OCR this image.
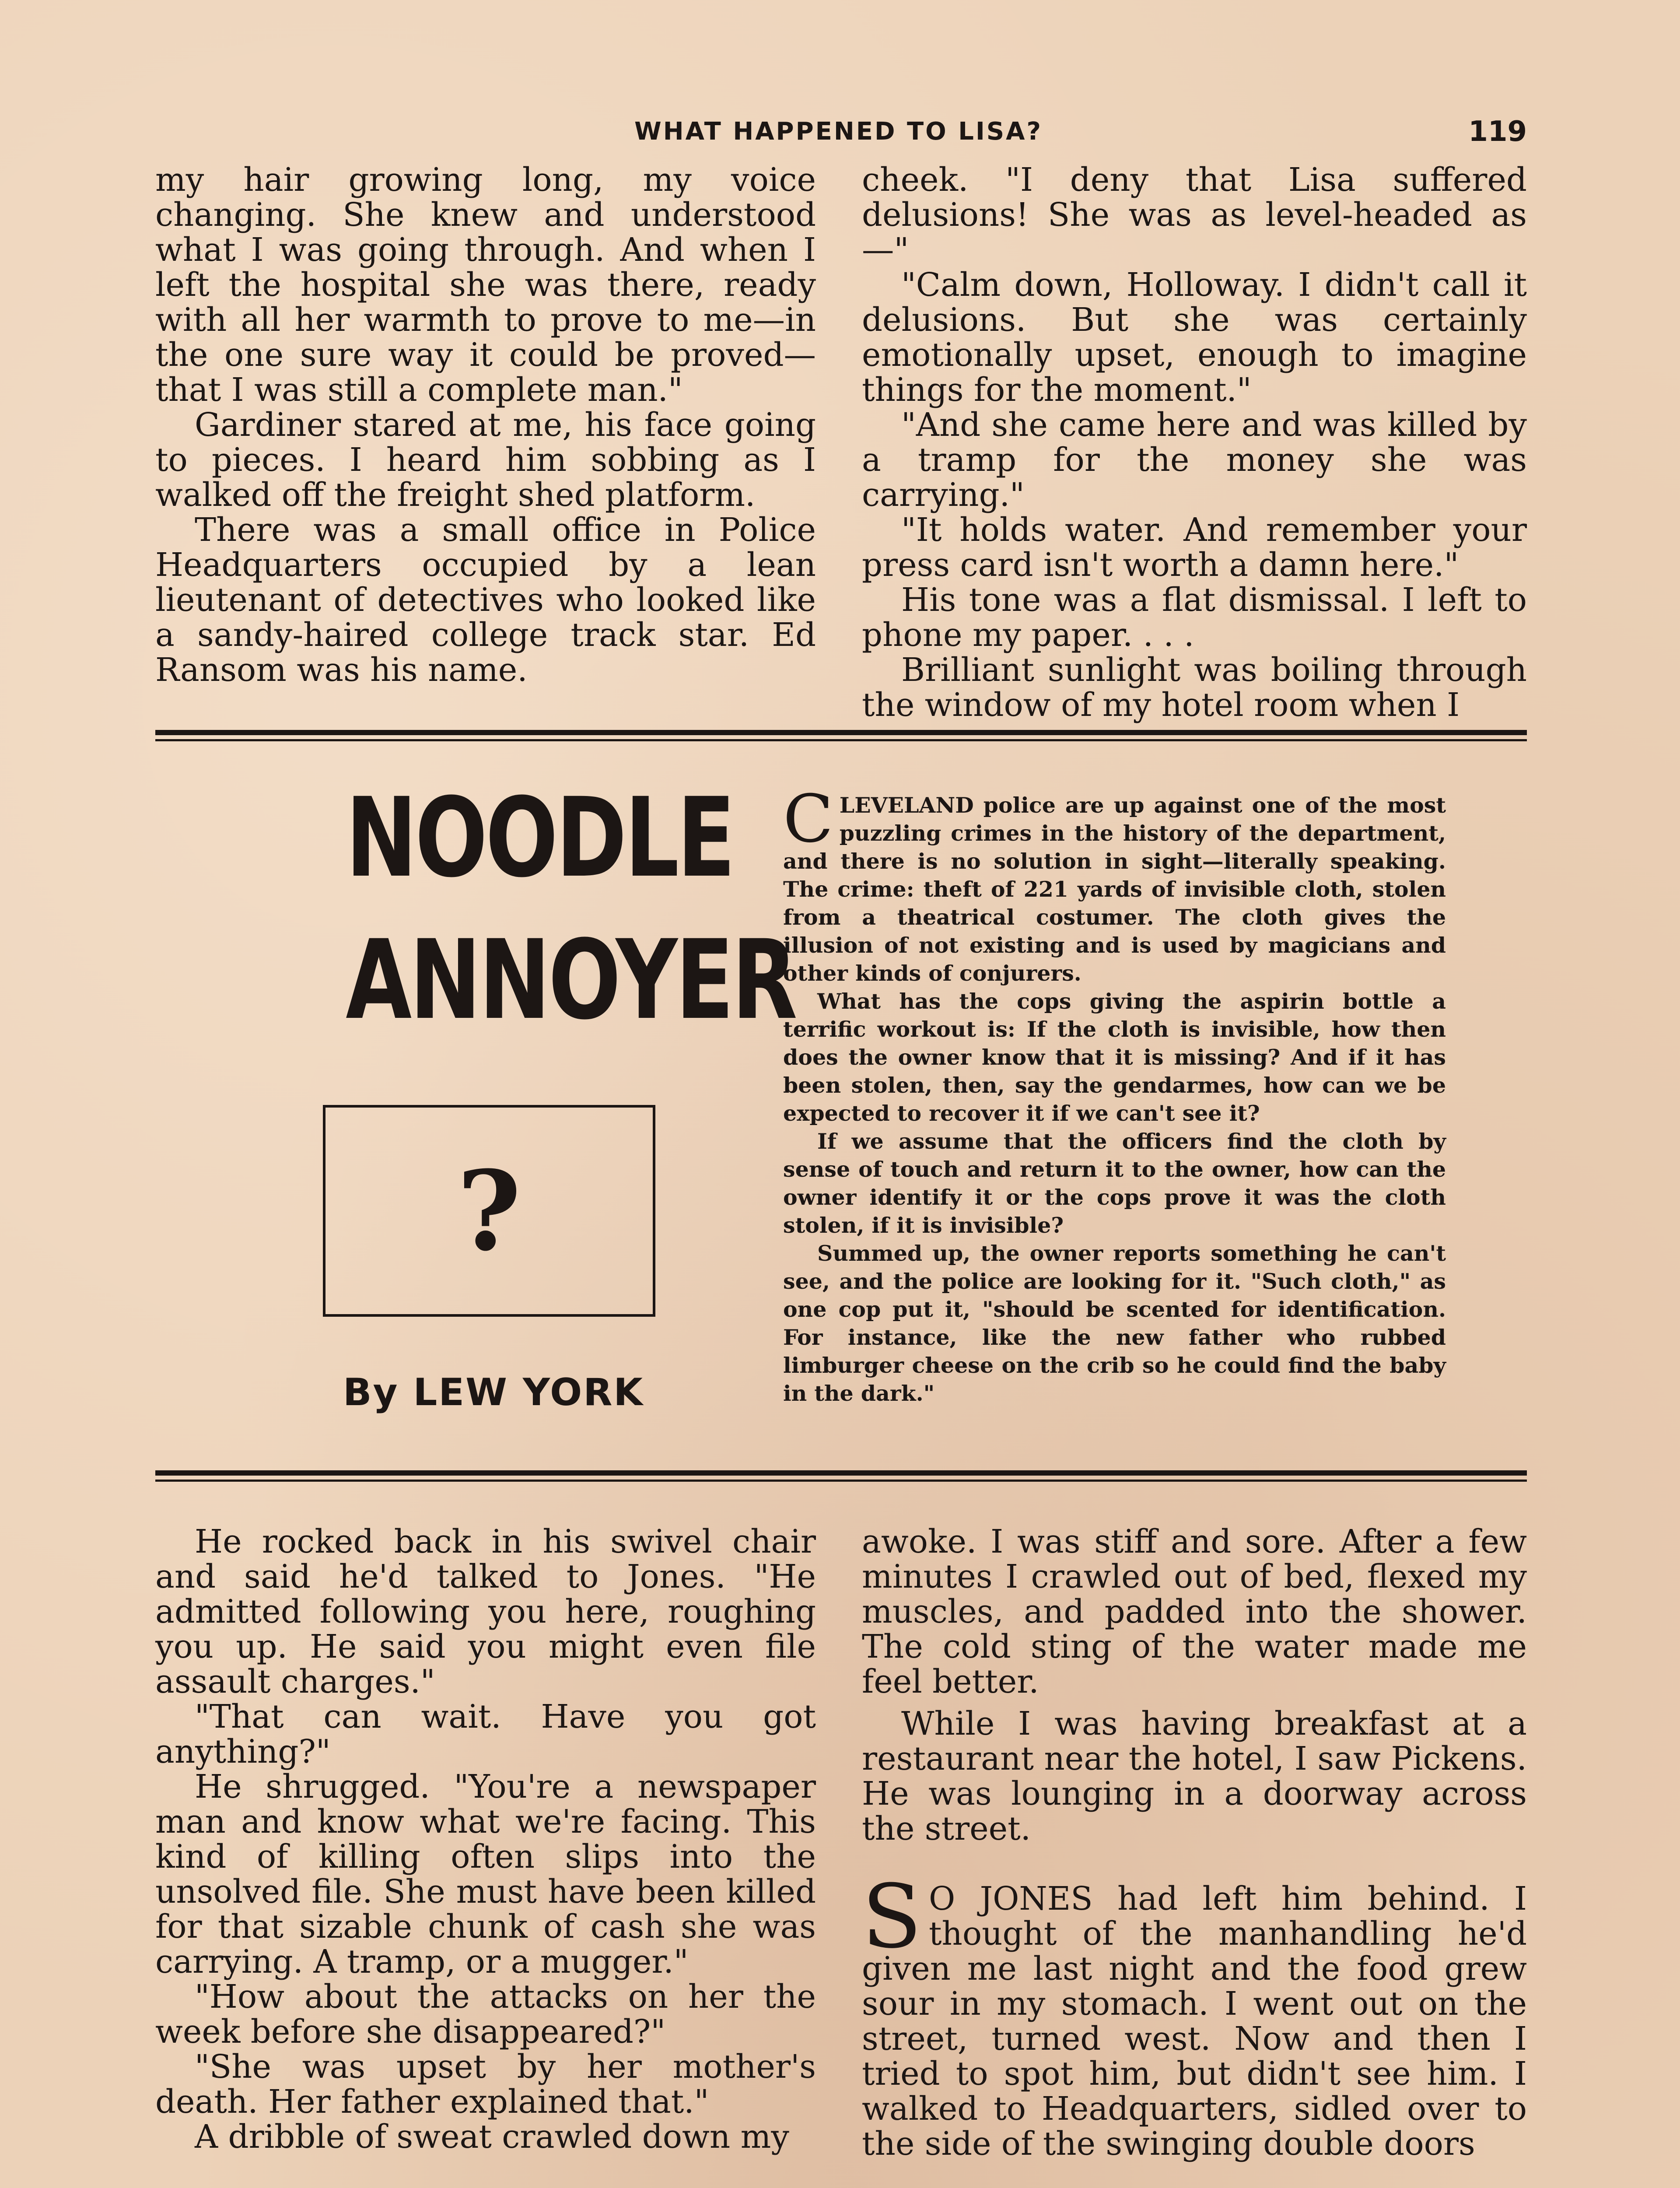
WHAT HAPPENED TO LISA?	119

my hair growing long, my voice changing. She knew and understood what I was going through. And when I left the hospital she was there, ready with all her warmth to prove to me—in the one sure way it could be proved—that I was still a complete man."

Gardiner stared at me, his face going to pieces. I heard him sobbing as I walked off the freight shed platform.

There was a small office in Police Headquarters occupied by a lean lieutenant of detectives who looked like a sandy-haired college track star. Ed Ransom was his name.

cheek. "I deny that Lisa suffered delusions! She was as level-headed as—"

"Calm down, Holloway. I didn't call it delusions. But she was certainly emotionally upset, enough to imagine things for the moment."

"And she came here and was killed by a tramp for the money she was carrying."

"It holds water. And remember your press card isn't worth a damn here."

His tone was a flat dismissal. I left to phone my paper. . . .

Brilliant sunlight was boiling through the window of my hotel room when I

NOODLE
ANNOYER
?
By LEW YORK

CLEVELAND police are up against one of the most puzzling crimes in the history of the department, and there is no solution in sight—literally speaking. The crime: theft of 221 yards of invisible cloth, stolen from a theatrical costumer. The cloth gives the illusion of not existing and is used by magicians and other kinds of conjurers.

What has the cops giving the aspirin bottle a terrific workout is: If the cloth is invisible, how then does the owner know that it is missing? And if it has been stolen, then, say the gendarmes, how can we be expected to recover it if we can't see it?

If we assume that the officers find the cloth by sense of touch and return it to the owner, how can the owner identify it or the cops prove it was the cloth stolen, if it is invisible?

Summed up, the owner reports something he can't see, and the police are looking for it. "Such cloth," as one cop put it, "should be scented for identification. For instance, like the new father who rubbed limburger cheese on the crib so he could find the baby in the dark."

He rocked back in his swivel chair and said he'd talked to Jones. "He admitted following you here, roughing you up. He said you might even file assault charges."

"That can wait. Have you got anything?"

He shrugged. "You're a newspaper man and know what we're facing. This kind of killing often slips into the unsolved file. She must have been killed for that sizable chunk of cash she was carrying. A tramp, or a mugger."

"How about the attacks on her the week before she disappeared?"

"She was upset by her mother's death. Her father explained that."

A dribble of sweat crawled down my

awoke. I was stiff and sore. After a few minutes I crawled out of bed, flexed my muscles, and padded into the shower. The cold sting of the water made me feel better.

While I was having breakfast at a restaurant near the hotel, I saw Pickens. He was lounging in a doorway across the street.

S O JONES had left him behind. I thought of the manhandling he'd given me last night and the food grew sour in my stomach. I went out on the street, turned west. Now and then I tried to spot him, but didn't see him. I walked to Headquarters, sidled over to the side of the swinging double doors
